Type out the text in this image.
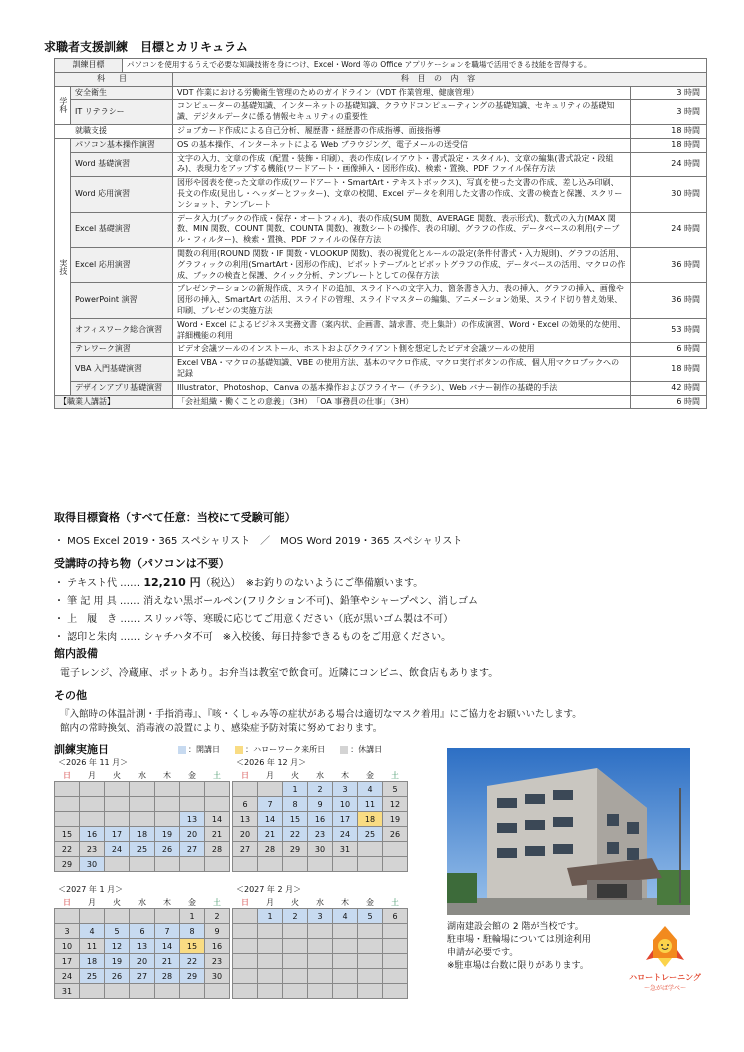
求職者支援訓練　目標とカリキュラム
訓練目標		パソコンを使用するうえで必要な知識技術を身につけ、Excel・Word 等の Office アプリケーションを職場で活用できる技能を習得する。		
科　目			科 目 の 内 容	

学科	安全衛生		VDT 作業における労働衛生管理のためのガイドライン（VDT 作業管理、健康管理）	3 時間
	IT リテラシー		コンピューターの基礎知識、インターネットの基礎知識、クラウドコンピューティングの基礎知識、セキュリティの基礎知識、デジタルデータに係る情報セキュリティの重要性	3 時間
就職支援			ジョブカード作成による自己分析、履歴書・経歴書の作成指導、面接指導	18 時間

実技	パソコン基本操作演習		OS の基本操作、インターネットによる Web ブラウジング、電子メールの送受信	18 時間
	Word 基礎演習		文字の入力、文章の作成（配置・装飾・印刷）、表の作成(レイアウト・書式設定・スタイル)、文章の編集(書式設定・段組み)、表現力をアップする機能(ワードアート・画像挿入・図形作成)、検索・置換、PDF ファイル保存方法	24 時間
	Word 応用演習		図形や図表を使った文章の作成(ワードアート・SmartArt・テキストボックス)、写真を使った文書の作成、差し込み印刷、長文の作成(見出し・ヘッダーとフッター)、文章の校閲、Excel データを利用した文書の作成、文書の検査と保護、スクリーンショット、テンプレート	30 時間
	Excel 基礎演習		データ入力(ブックの作成・保存・オートフィル)、表の作成(SUM 関数、AVERAGE 関数、表示形式)、数式の入力(MAX 関数、MIN 関数、COUNT 関数、COUNTA 関数)、複数シートの操作、表の印刷、グラフの作成、データベースの利用(テーブル・フィルター)、検索・置換、PDF ファイルの保存方法	24 時間
	Excel 応用演習		関数の利用(ROUND 関数・IF 関数・VLOOKUP 関数)、表の視覚化とルールの設定(条件付書式・入力規則)、グラフの活用、グラフィックの利用(SmartArt・図形の作成)、ピボットテーブルとピボットグラフの作成、データベースの活用、マクロの作成、ブックの検査と保護、クイック分析、テンプレートとしての保存方法	36 時間
	PowerPoint 演習		プレゼンテーションの新規作成、スライドの追加、スライドへの文字入力、箇条書き入力、表の挿入、グラフの挿入、画像や図形の挿入、SmartArt の活用、スライドの管理、スライドマスターの編集、アニメーション効果、スライド切り替え効果、印刷、プレゼンの実施方法	36 時間
	オフィスワーク総合演習		Word・Excel によるビジネス実務文書（案内状、企画書、請求書、売上集計）の作成演習、Word・Excel の効果的な使用、詳細機能の利用	53 時間
	テレワーク演習		ビデオ会議ツールのインストール、ホストおよびクライアント側を想定したビデオ会議ツールの使用	6 時間
	VBA 入門基礎演習		Excel VBA・マクロの基礎知識、VBE の使用方法、基本のマクロ作成、マクロ実行ボタンの作成、個人用マクロブックへの記録	18 時間
	デザインアプリ基礎演習		Illustrator、Photoshop、Canva の基本操作およびフライヤー（チラシ）、Web バナー制作の基礎的手法	42 時間
【職業人講話】			「会社組織・働くことの意義」（3H）　「OA 事務員の仕事」（3H）	6 時間
取得目標資格（すべて任意：当校にて受験可能）
・ MOS Excel 2019・365 スペシャリスト　／　MOS Word 2019・365 スペシャリスト
受講時の持ち物（パソコンは不要）
・ テキスト代 …… 12,210 円（税込）　※お釣りのないようにご準備願います。
・ 筆 記 用 具 …… 消えない黒ボールペン(フリクション不可)、鉛筆やシャープペン、消しゴム
・ 上　履　き …… スリッパ等、寒暖に応じてご用意ください（底が黒いゴム製は不可）
・ 認印と朱肉 …… シャチハタ不可　※入校後、毎日持参できるものをご用意ください。
館内設備
電子レンジ、冷蔵庫、ポットあり。お弁当は教室で飲食可。近隣にコンビニ、飲食店もあります。
その他
『入館時の体温計測・手指消毒』、『咳・くしゃみ等の症状がある場合は適切なマスク着用』にご協力をお願いいたします。
館内の常時換気、消毒液の設置により、感染症予防対策に努めております。
訓練実施日	：開講日	：ハローワーク来所日	：休講日
＜2026 年 11 月＞
日	月	火	水	木	金	土

					13	14
15	16	17	18	19	20	21
22	23	24	25	26	27	28
29	30					
＜2026 年 12 月＞
日	月	火	水	木	金	土
		1	2	3	4	5
6	7	8	9	10	11	12
13	14	15	16	17	18	19
20	21	22	23	24	25	26
27	28	29	30	31		

＜2027 年 1 月＞
日	月	火	水	木	金	土
					1	2
3	4	5	6	7	8	9
10	11	12	13	14	15	16
17	18	19	20	21	22	23
24	25	26	27	28	29	30
31						
＜2027 年 2 月＞
日	月	火	水	木	金	土
	1	2	3	4	5	6

湖南建設会館の 2 階が当校です。
駐車場・駐輪場については別途利用
申請が必要です。
※駐車場は台数に限りがあります。
ハロートレーニング
～急がば学べ～
